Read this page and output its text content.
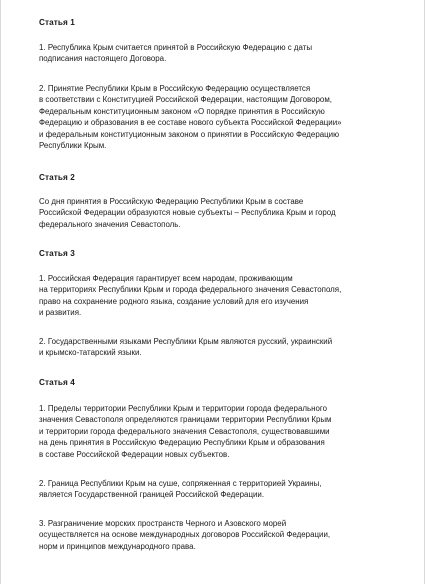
Статья 1
1. Республика Крым считается принятой в Российскую Федерацию с даты
подписания настоящего Договора.
2. Принятие Республики Крым в Российскую Федерацию осуществляется
в соответствии с Конституцией Российской Федерации, настоящим Договором,
Федеральным конституционным законом «О порядке принятия в Российскую
Федерацию и образования в ее составе нового субъекта Российской Федерации»
и федеральным конституционным законом о принятии в Российскую Федерацию
Республики Крым.
Статья 2
Со дня принятия в Российскую Федерацию Республики Крым в составе
Российской Федерации образуются новые субъекты – Республика Крым и город
федерального значения Севастополь.
Статья 3
1. Российская Федерация гарантирует всем народам, проживающим
на территориях Республики Крым и города федерального значения Севастополя,
право на сохранение родного языка, создание условий для его изучения
и развития.
2. Государственными языками Республики Крым являются русский, украинский
и крымско-татарский языки.
Статья 4
1. Пределы территории Республики Крым и территории города федерального
значения Севастополя определяются границами территории Республики Крым
и территории города федерального значения Севастополя, существовавшими
на день принятия в Российскую Федерацию Республики Крым и образования
в составе Российской Федерации новых субъектов.
2. Граница Республики Крым на суше, сопряженная с территорией Украины,
является Государственной границей Российской Федерации.
3. Разграничение морских пространств Черного и Азовского морей
осуществляется на основе международных договоров Российской Федерации,
норм и принципов международного права.
